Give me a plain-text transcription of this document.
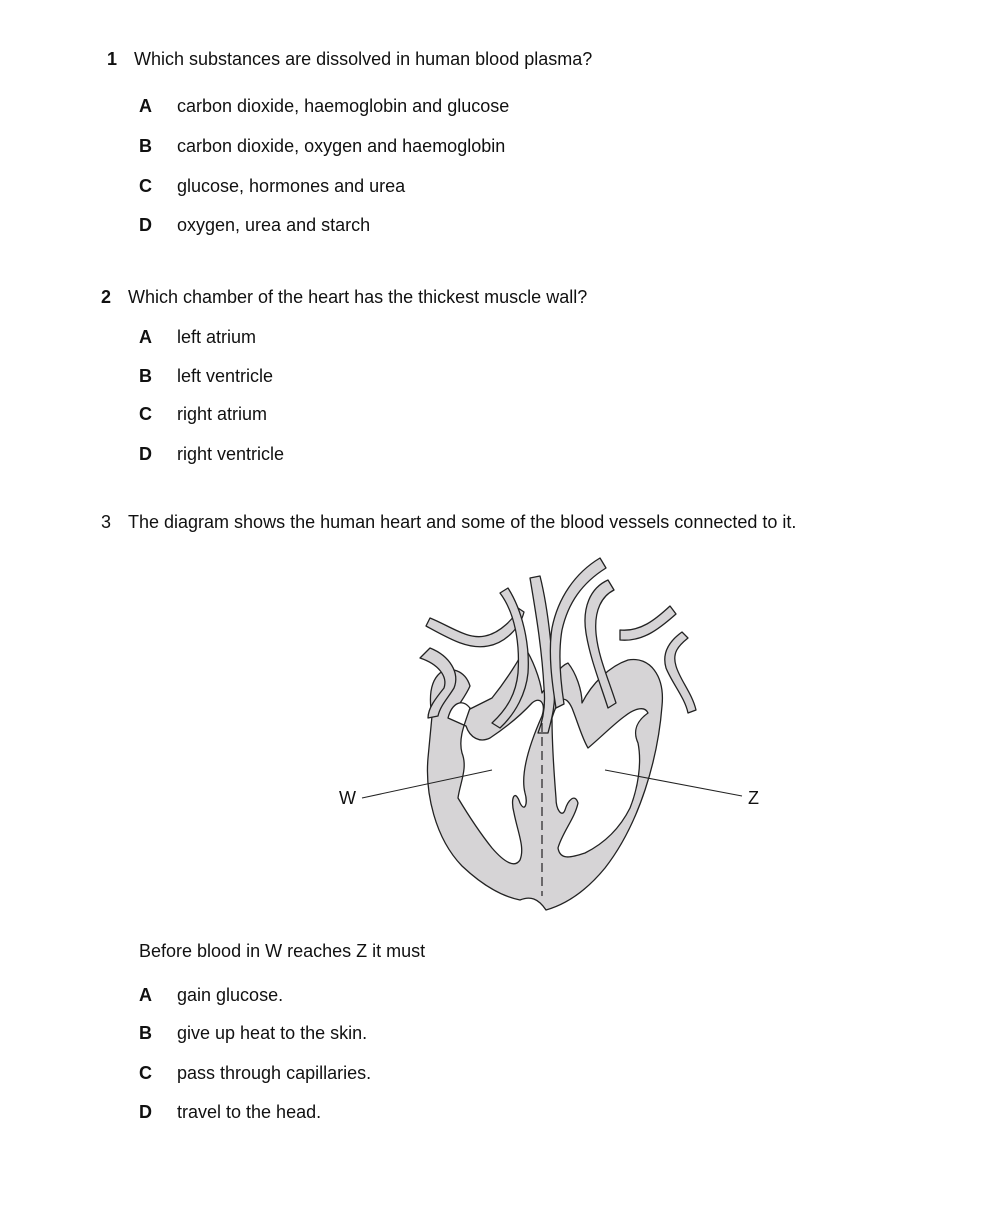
1 Which substances are dissolved in human blood plasma?
A carbon dioxide, haemoglobin and glucose
B carbon dioxide, oxygen and haemoglobin
C glucose, hormones and urea
D oxygen, urea and starch
2 Which chamber of the heart has the thickest muscle wall?
A left atrium
B left ventricle
C right atrium
D right ventricle
3 The diagram shows the human heart and some of the blood vessels connected to it.
W	Z
Before blood in W reaches Z it must
A gain glucose.
B give up heat to the skin.
C pass through capillaries.
D travel to the head.
